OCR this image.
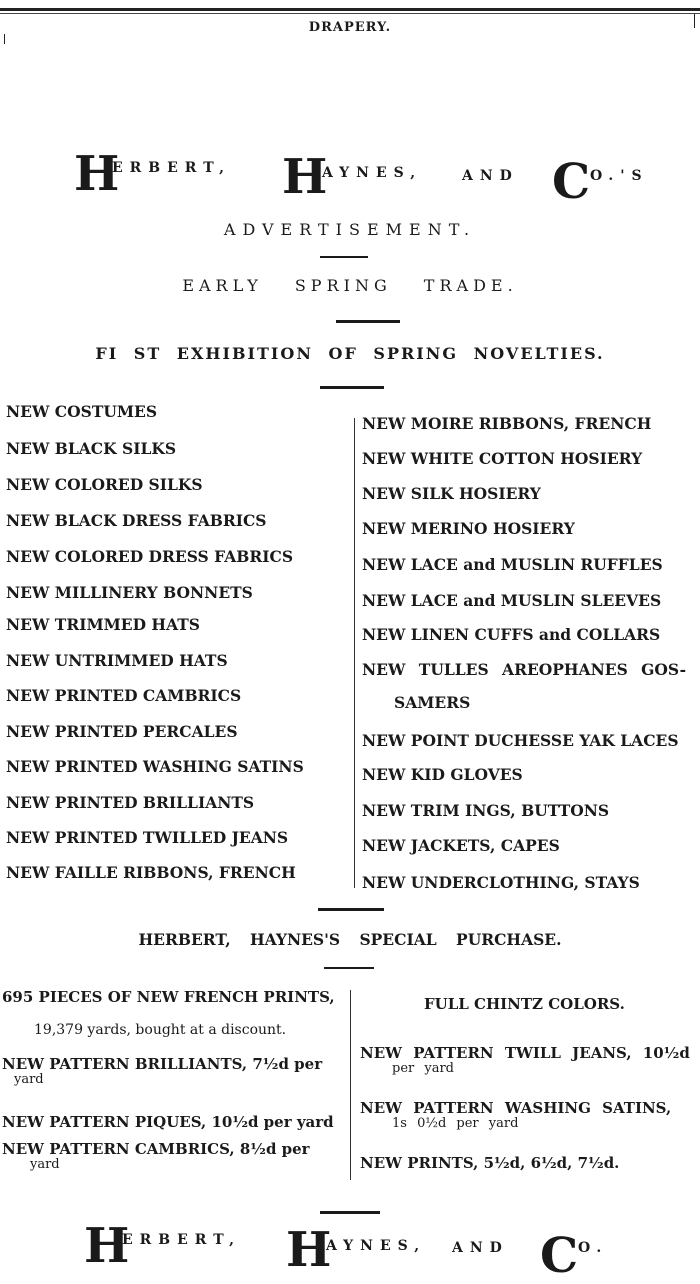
DRAPERY.
H
ERBERT, H
AYNES,	AND C O.'S
ADVERTISEMENT.
EARLY SPRING TRADE.
FI ST EXHIBITION OF SPRING NOVELTIES.
NEW COSTUMES
NEW BLACK SILKS
NEW COLORED SILKS
NEW BLACK DRESS FABRICS
NEW COLORED DRESS FABRICS
NEW MILLINERY BONNETS
NEW TRIMMED HATS
NEW UNTRIMMED HATS
NEW PRINTED CAMBRICS
NEW PRINTED PERCALES
NEW PRINTED WASHING SATINS
NEW PRINTED BRILLIANTS
NEW PRINTED TWILLED JEANS
NEW FAILLE RIBBONS, FRENCH
NEW MOIRE RIBBONS, FRENCH
NEW WHITE COTTON HOSIERY
NEW SILK HOSIERY
NEW MERINO HOSIERY
NEW LACE and MUSLIN RUFFLES
NEW LACE and MUSLIN SLEEVES
NEW LINEN CUFFS and COLLARS
NEW TULLES AREOPHANES GOS-
SAMERS
NEW POINT DUCHESSE YAK LACES
NEW KID GLOVES
NEW TRIM INGS, BUTTONS
NEW JACKETS, CAPES
NEW UNDERCLOTHING, STAYS
HERBERT, HAYNES'S SPECIAL PURCHASE.
695 PIECES OF NEW FRENCH PRINTS,
19,379 yards, bought at a discount.
NEW PATTERN BRILLIANTS, 7½d per
yard
NEW PATTERN PIQUES, 10½d per yard
NEW PATTERN CAMBRICS, 8½d per
yard
FULL CHINTZ COLORS.
NEW PATTERN TWILL JEANS, 10½d
per yard
NEW PATTERN WASHING SATINS,
1s 0½d per yard
NEW PRINTS, 5½d, 6½d, 7½d.
H
ERBERT, H
AYNES, AND C O.
